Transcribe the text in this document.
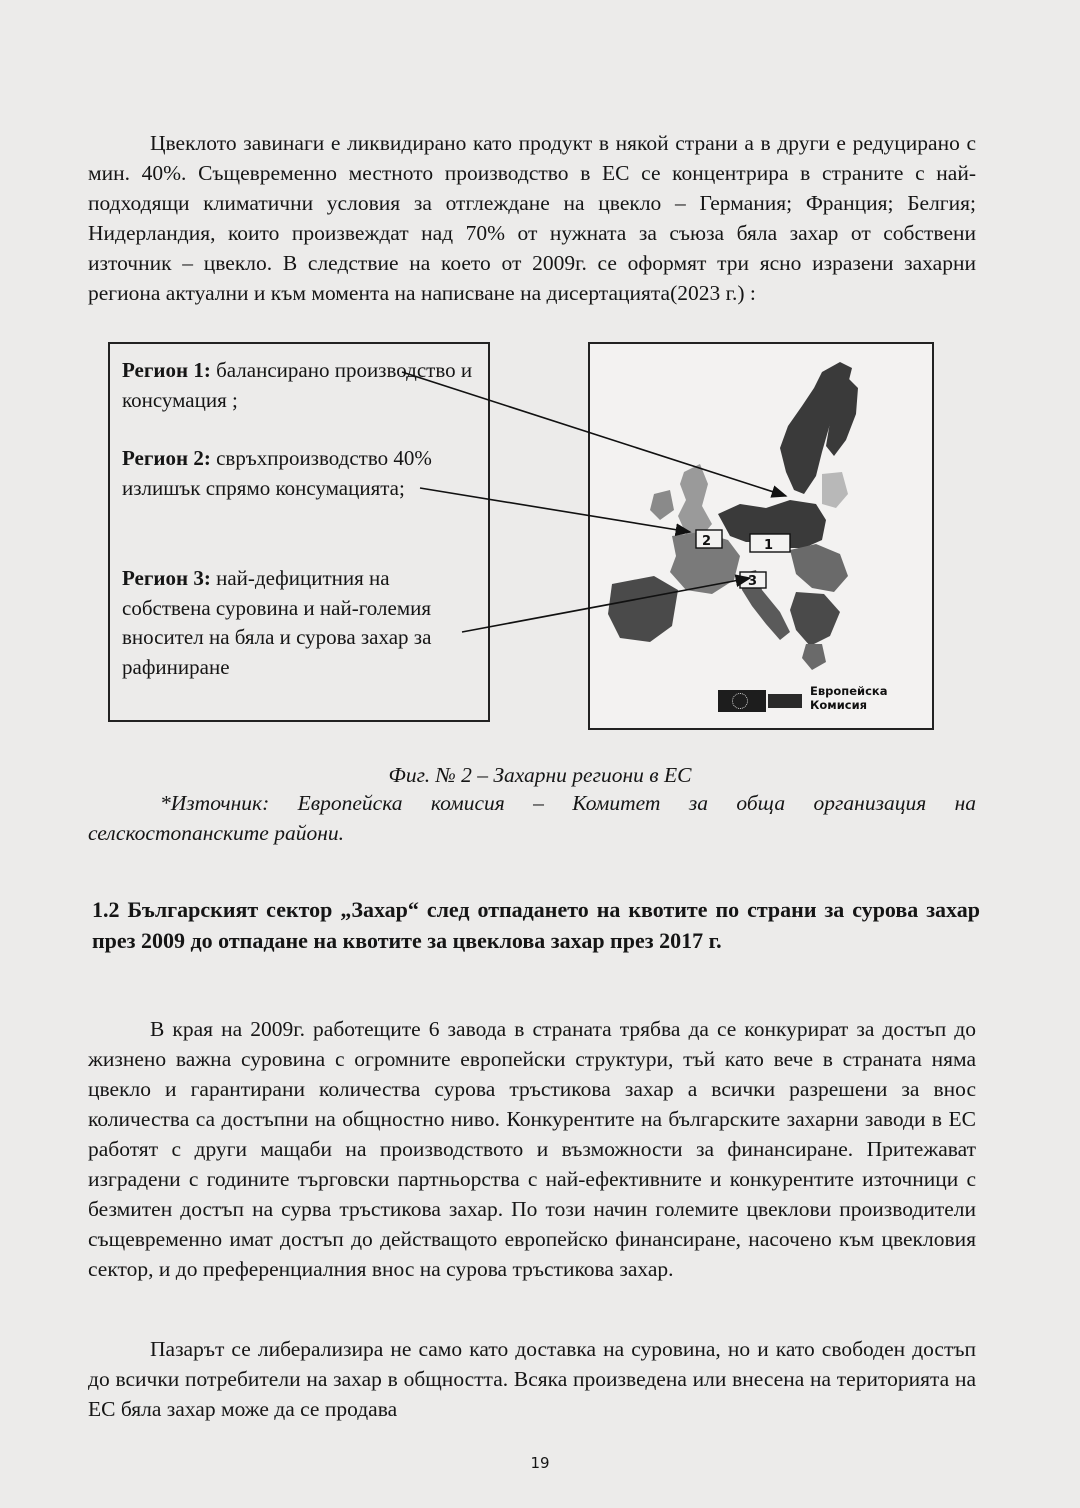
Цвеклото завинаги е ликвидирано като продукт в някой страни а в други е редуцирано с мин. 40%. Същевременно местното производство в ЕС се концентрира в страните с най-подходящи климатични условия за отглеждане на цвекло – Германия; Франция; Белгия; Нидерландия, които произвеждат над 70% от нужната за съюза бяла захар от собствени източник – цвекло. В следствие на което от 2009г. се оформят три ясно изразени захарни региона актуални и към момента на написване на дисертацията(2023 г.) :

Регион 1: балансирано производство и консумация ;
Регион 2: свръхпроизводство 40% излишък спрямо консумацията;
Регион 3: най-дефицитния на собствена суровина и най-големия вносител на бяла и сурова захар за рафиниране
2	1
3
Европейска Комисия
Фиг. № 2 – Захарни региони в ЕС

*Източник: Европейска комисия – Комитет за обща организация на селскостопанските райони.

1.2 Българският сектор „Захар“ след отпадането на квотите по страни за сурова захар през 2009 до отпадане на квотите за цвеклова захар през 2017 г.

В края на 2009г. работещите 6 завода в страната трябва да се конкурират за достъп до жизнено важна суровина с огромните европейски структури, тъй като вече в страната няма цвекло и гарантирани количества сурова тръстикова захар а всички разрешени за внос количества са достъпни на общностно ниво. Конкурентите на българските захарни заводи в ЕС работят с други мащаби на производството и възможности за финансиране. Притежават изградени с годините търговски партньорства с най-ефективните и конкурентите източници с безмитен достъп на сурва тръстикова захар. По този начин големите цвеклови производители същевременно имат достъп до действащото европейско финансиране, насочено към цвекловия сектор, и до преференциалния внос на сурова тръстикова захар.

Пазарът се либерализира не само като доставка на суровина, но и като свободен достъп до всички потребители на захар в общността. Всяка произведена или внесена на територията на ЕС бяла захар може да се продава

19
